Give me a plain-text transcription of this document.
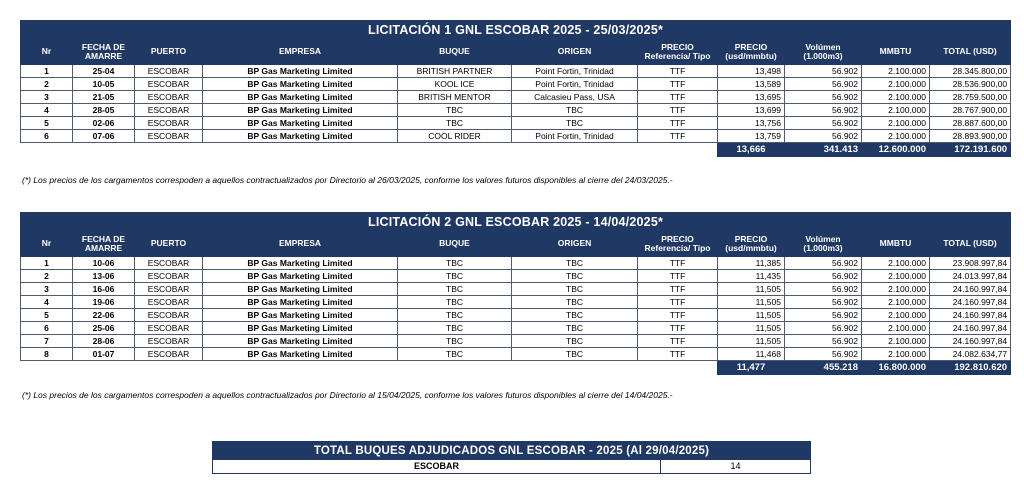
LICITACIÓN 1 GNL ESCOBAR 2025 - 25/03/2025*										
Nr	FECHA DE AMARRE	PUERTO	EMPRESA	BUQUE	ORIGEN	PRECIO Referencia/ Tipo	PRECIO (usd/mmbtu)	Volúmen (1.000m3)	MMBTU	TOTAL (USD)
1	25-04	ESCOBAR	BP Gas Marketing Limited	BRITISH PARTNER	Point Fortin, Trinidad	TTF	13,498	56.902	2.100.000	28.345.800,00
2	10-05	ESCOBAR	BP Gas Marketing Limited	KOOL ICE	Point Fortin, Trinidad	TTF	13,589	56.902	2.100.000	28.536.900,00
3	21-05	ESCOBAR	BP Gas Marketing Limited	BRITISH MENTOR	Calcasieu Pass, USA	TTF	13,695	56.902	2.100.000	28.759.500,00
4	28-05	ESCOBAR	BP Gas Marketing Limited	TBC	TBC	TTF	13,699	56.902	2.100.000	28.767.900,00
5	02-06	ESCOBAR	BP Gas Marketing Limited	TBC	TBC	TTF	13,756	56.902	2.100.000	28.887.600,00
6	07-06	ESCOBAR	BP Gas Marketing Limited	COOL RIDER	Point Fortin, Trinidad	TTF	13,759	56.902	2.100.000	28.893.900,00
							13,666	341.413	12.600.000	172.191.600
(*) Los precios de los cargamentos correspoden a aquellos contractualizados por Directorio al 26/03/2025, conforme los valores futuros disponibles al cierre del 24/03/2025.-
LICITACIÓN 2 GNL ESCOBAR 2025 - 14/04/2025*										
Nr	FECHA DE AMARRE	PUERTO	EMPRESA	BUQUE	ORIGEN	PRECIO Referencia/ Tipo	PRECIO (usd/mmbtu)	Volúmen (1.000m3)	MMBTU	TOTAL (USD)
1	10-06	ESCOBAR	BP Gas Marketing Limited	TBC	TBC	TTF	11,385	56.902	2.100.000	23.908.997,84
2	13-06	ESCOBAR	BP Gas Marketing Limited	TBC	TBC	TTF	11,435	56.902	2.100.000	24.013.997,84
3	16-06	ESCOBAR	BP Gas Marketing Limited	TBC	TBC	TTF	11,505	56.902	2.100.000	24.160.997,84
4	19-06	ESCOBAR	BP Gas Marketing Limited	TBC	TBC	TTF	11,505	56.902	2.100.000	24.160.997,84
5	22-06	ESCOBAR	BP Gas Marketing Limited	TBC	TBC	TTF	11,505	56.902	2.100.000	24.160.997,84
6	25-06	ESCOBAR	BP Gas Marketing Limited	TBC	TBC	TTF	11,505	56.902	2.100.000	24.160.997,84
7	28-06	ESCOBAR	BP Gas Marketing Limited	TBC	TBC	TTF	11,505	56.902	2.100.000	24.160.997,84
8	01-07	ESCOBAR	BP Gas Marketing Limited	TBC	TBC	TTF	11,468	56.902	2.100.000	24.082.634,77
							11,477	455.218	16.800.000	192.810.620
(*) Los precios de los cargamentos correspoden a aquellos contractualizados por Directorio al 15/04/2025, conforme los valores futuros disponibles al cierre del 14/04/2025.-
TOTAL BUQUES ADJUDICADOS GNL ESCOBAR - 2025 (Al 29/04/2025)
ESCOBAR	14
